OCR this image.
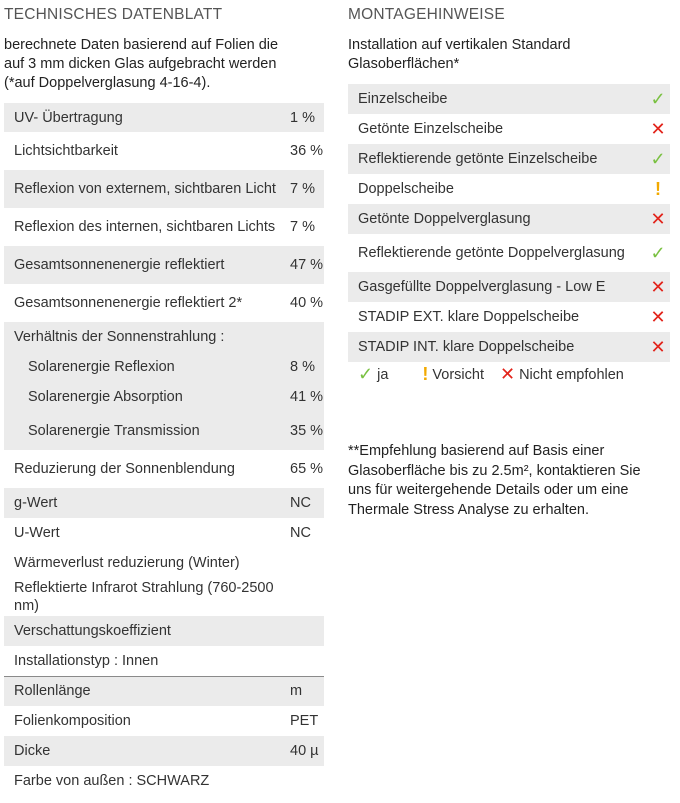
TECHNISCHES DATENBLATT
berechnete Daten basierend auf Folien die
auf 3 mm dicken Glas aufgebracht werden
(*auf Doppelverglasung 4-16-4).
UV- Übertragung	1 %
Lichtsichtbarkeit	36 %
Reflexion von externem, sichtbaren Licht	7 %
Reflexion des internen, sichtbaren Lichts	7 %
Gesamtsonnenenergie reflektiert	47 %
Gesamtsonnenenergie reflektiert 2*	40 %
Verhältnis der Sonnenstrahlung :	
Solarenergie Reflexion	8 %
Solarenergie Absorption	41 %
Solarenergie Transmission	35 %
Reduzierung der Sonnenblendung	65 %
g-Wert	NC
U-Wert	NC
Wärmeverlust reduzierung (Winter)	
Reflektierte Infrarot Strahlung (760-2500 nm)	
Verschattungskoeffizient	
Installationstyp : Innen	
Rollenlänge	m
Folienkomposition	PET
Dicke	40 µ
Farbe von außen : SCHWARZ	
MONTAGEHINWEISE
Installation auf vertikalen Standard
Glasoberflächen*
Einzelscheibe	✓
Getönte Einzelscheibe	✕
Reflektierende getönte Einzelscheibe	✓
Doppelscheibe	!
Getönte Doppelverglasung	✕
Reflektierende getönte Doppelverglasung	✓
Gasgefüllte Doppelverglasung - Low E	✕
STADIP EXT. klare Doppelscheibe	✕
STADIP INT. klare Doppelscheibe	✕
✓ ja ! Vorsicht ✕ Nicht empfohlen
**Empfehlung basierend auf Basis einer
Glasoberfläche bis zu 2.5m², kontaktieren Sie
uns für weitergehende Details oder um eine
Thermale Stress Analyse zu erhalten.
